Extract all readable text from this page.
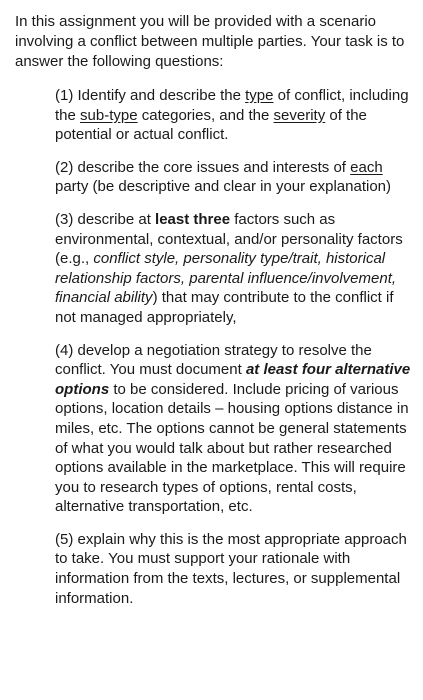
In this assignment you will be provided with a scenario involving a conflict between multiple parties. Your task is to answer the following questions:

(1) Identify and describe the type of conflict, including the sub-type categories, and the severity of the potential or actual conflict.
(2) describe the core issues and interests of each party (be descriptive and clear in your explanation)
(3) describe at least three factors such as environmental, contextual, and/or personality factors (e.g., conflict style, personality type/trait, historical relationship factors, parental influence/involvement, financial ability) that may contribute to the conflict if not managed appropriately,
(4) develop a negotiation strategy to resolve the conflict. You must document at least four alternative options to be considered. Include pricing of various options, location details – housing options distance in miles, etc. The options cannot be general statements of what you would talk about but rather researched options available in the marketplace. This will require you to research types of options, rental costs, alternative transportation, etc.
(5) explain why this is the most appropriate approach to take. You must support your rationale with information from the texts, lectures, or supplemental information.
